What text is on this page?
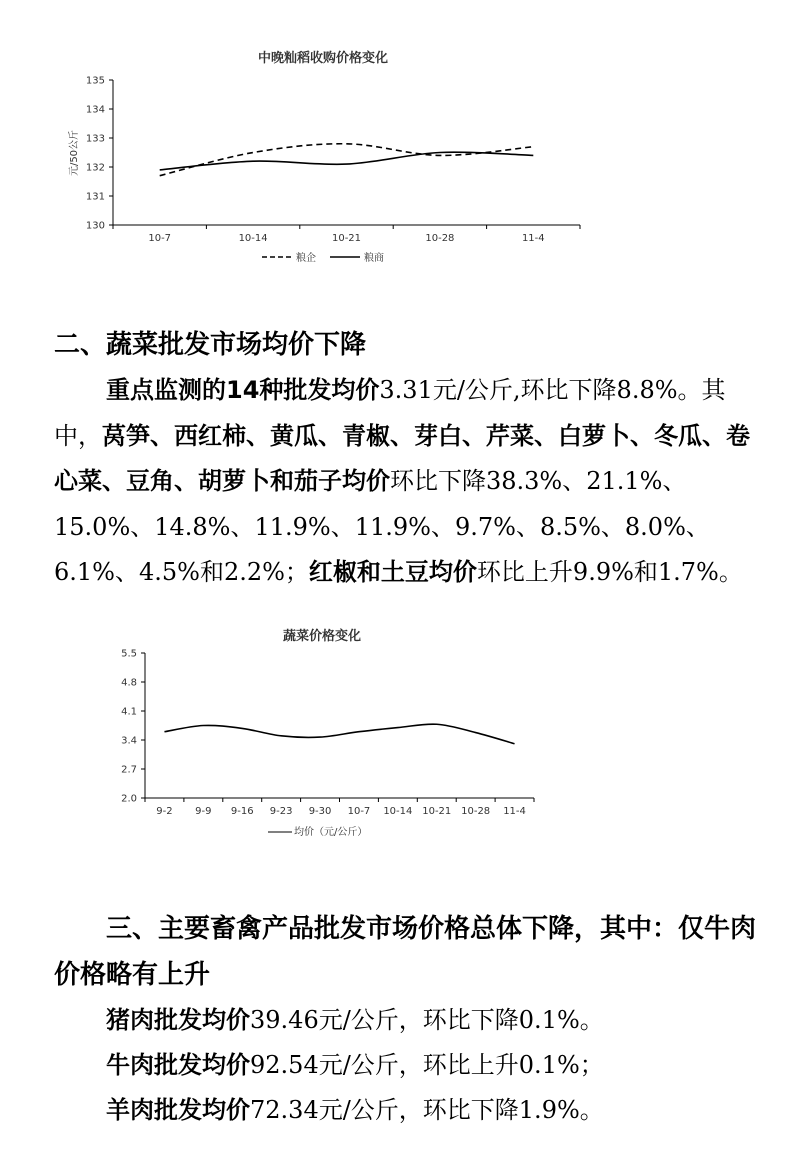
中晚籼稻收购价格变化
元/50公斤
130
131
132
133
134
135
10-7	10-14	10-21	10-28	11-4
粮企	粮商
二、蔬菜批发市场均价下降
重点监测的14种批发均价3.31元/公斤,环比下降8.8%。其中，莴笋、西红柿、黄瓜、青椒、芽白、芹菜、白萝卜、冬瓜、卷心菜、豆角、胡萝卜和茄子均价环比下降38.3%、21.1%、15.0%、14.8%、11.9%、11.9%、9.7%、8.5%、8.0%、6.1%、4.5%和2.2%；红椒和土豆均价环比上升9.9%和1.7%。
蔬菜价格变化
2.0
2.7
3.4
4.1
4.8
5.5
9-2 9-9 9-16 9-23 9-30 10-7 10-14 10-21 10-28 11-4
均价（元/公斤）
三、主要畜禽产品批发市场价格总体下降，其中：仅牛肉价格略有上升
猪肉批发均价39.46元/公斤，环比下降0.1%。
牛肉批发均价92.54元/公斤，环比上升0.1%；
羊肉批发均价72.34元/公斤，环比下降1.9%。
